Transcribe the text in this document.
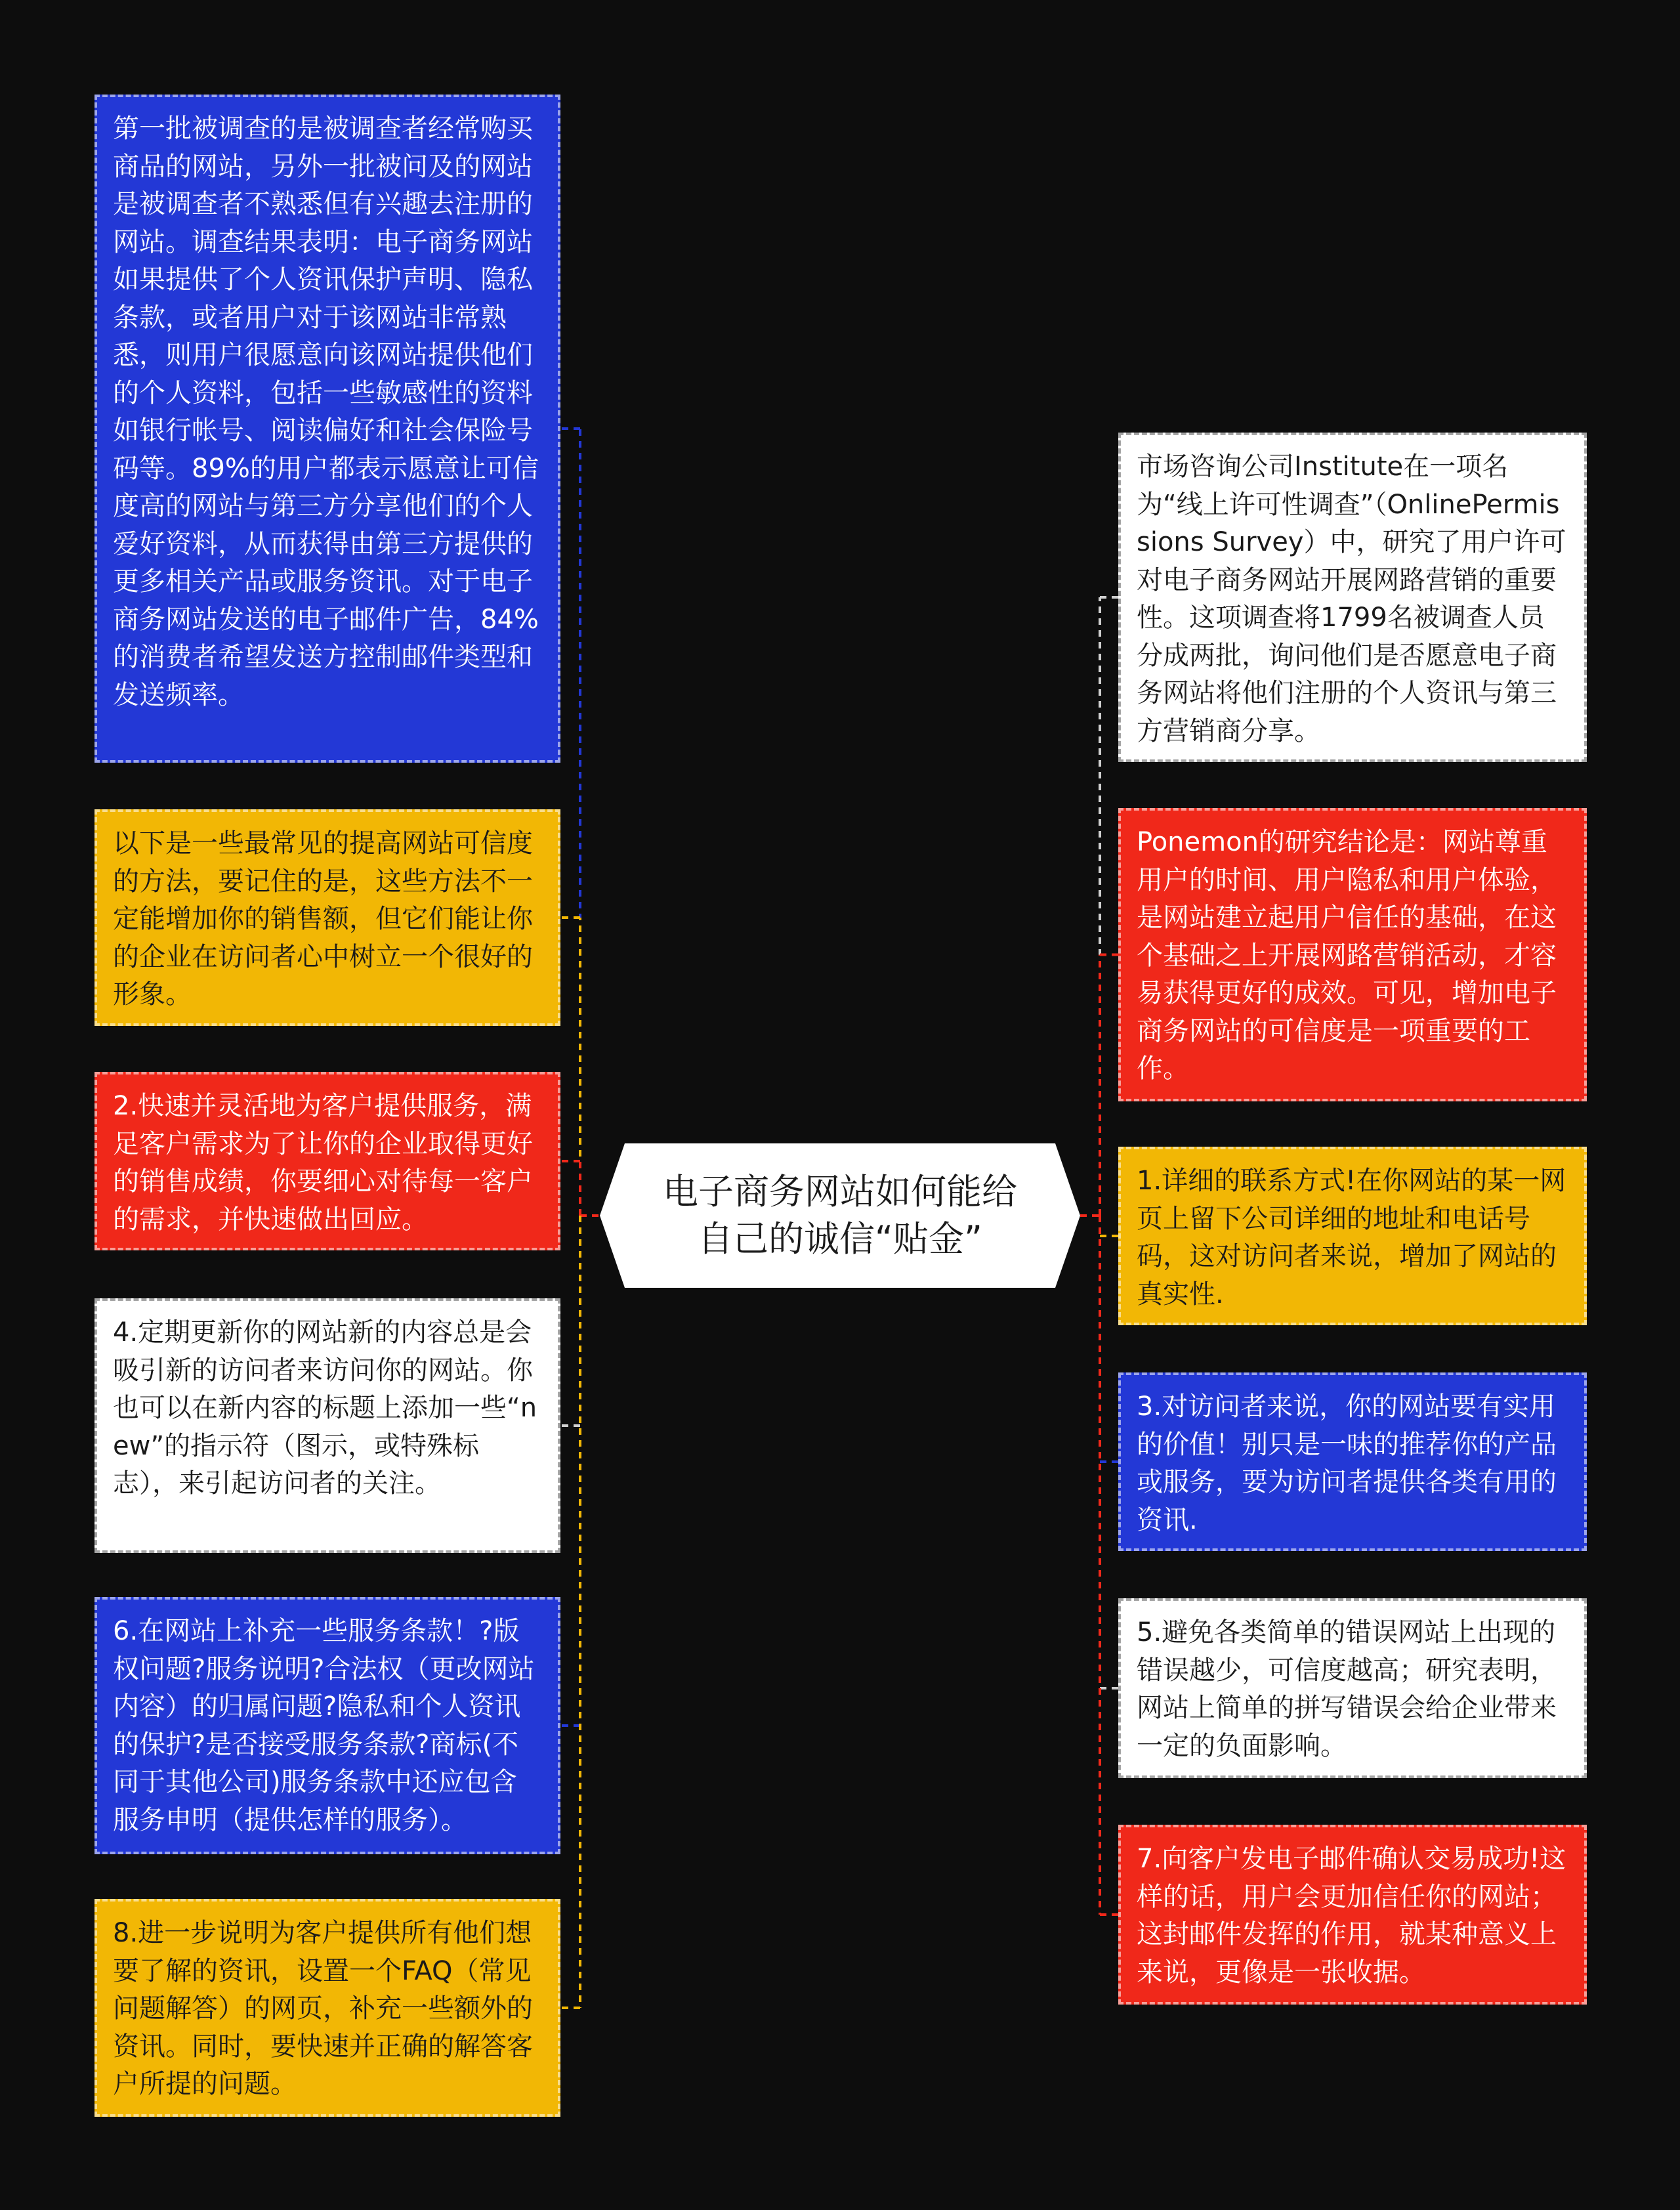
电子商务网站如何能给自己的诚信“贴金”
第一批被调查的是被调查者经常购买商品的网站，另外一批被问及的网站是被调查者不熟悉但有兴趣去注册的网站。调查结果表明：电子商务网站如果提供了个人资讯保护声明、隐私条款，或者用户对于该网站非常熟悉，则用户很愿意向该网站提供他们的个人资料，包括一些敏感性的资料如银行帐号、阅读偏好和社会保险号码等。89%的用户都表示愿意让可信度高的网站与第三方分享他们的个人爱好资料，从而获得由第三方提供的更多相关产品或服务资讯。对于电子商务网站发送的电子邮件广告，84%的消费者希望发送方控制邮件类型和发送频率。
以下是一些最常见的提高网站可信度的方法，要记住的是，这些方法不一定能增加你的销售额，但它们能让你的企业在访问者心中树立一个很好的形象。
2.快速并灵活地为客户提供服务，满足客户需求为了让你的企业取得更好的销售成绩，你要细心对待每一客户的需求，并快速做出回应。
4.定期更新你的网站新的内容总是会吸引新的访问者来访问你的网站。你也可以在新内容的标题上添加一些“new”的指示符（图示，或特殊标志），来引起访问者的关注。
6.在网站上补充一些服务条款！?版权问题?服务说明?合法权（更改网站内容）的归属问题?隐私和个人资讯的保护?是否接受服务条款?商标(不同于其他公司)服务条款中还应包含服务申明（提供怎样的服务）。
8.进一步说明为客户提供所有他们想要了解的资讯，设置一个FAQ（常见问题解答）的网页，补充一些额外的资讯。同时，要快速并正确的解答客户所提的问题。
市场咨询公司Institute在一项名为“线上许可性调查”（OnlinePermissions Survey）中，研究了用户许可对电子商务网站开展网路营销的重要性。这项调查将1799名被调查人员分成两批，询问他们是否愿意电子商务网站将他们注册的个人资讯与第三方营销商分享。
Ponemon的研究结论是：网站尊重用户的时间、用户隐私和用户体验，是网站建立起用户信任的基础，在这个基础之上开展网路营销活动，才容易获得更好的成效。可见，增加电子商务网站的可信度是一项重要的工作。
1.详细的联系方式!在你网站的某一网页上留下公司详细的地址和电话号码，这对访问者来说，增加了网站的真实性.
3.对访问者来说，你的网站要有实用的价值！别只是一味的推荐你的产品或服务，要为访问者提供各类有用的资讯.
5.避免各类简单的错误网站上出现的错误越少，可信度越高；研究表明，网站上简单的拼写错误会给企业带来一定的负面影响。
7.向客户发电子邮件确认交易成功!这样的话，用户会更加信任你的网站；这封邮件发挥的作用，就某种意义上来说，更像是一张收据。
